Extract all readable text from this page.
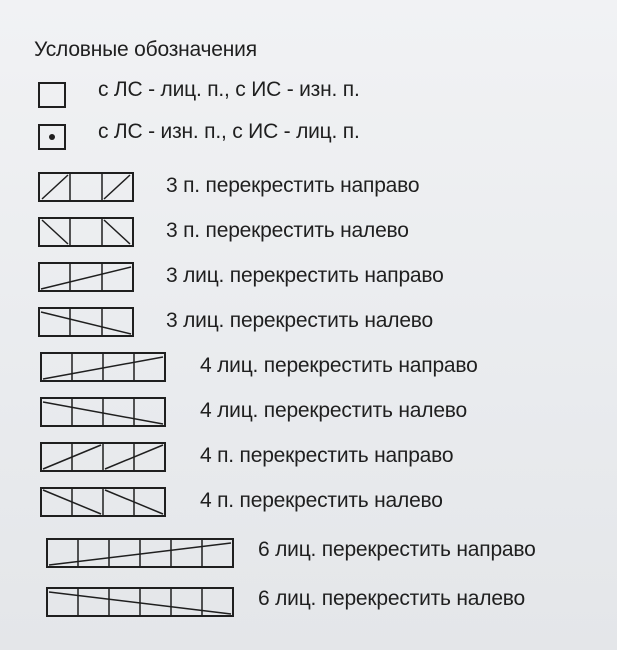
Условные обозначения
с ЛС - лиц. п., с ИС - изн. п.
с ЛС - изн. п., с ИС - лиц. п.
3 п. перекрестить направо
3 п. перекрестить налево
3 лиц. перекрестить направо
3 лиц. перекрестить налево
4 лиц. перекрестить направо
4 лиц. перекрестить налево
4 п. перекрестить направо
4 п. перекрестить налево
6 лиц. перекрестить направо
6 лиц. перекрестить налево
